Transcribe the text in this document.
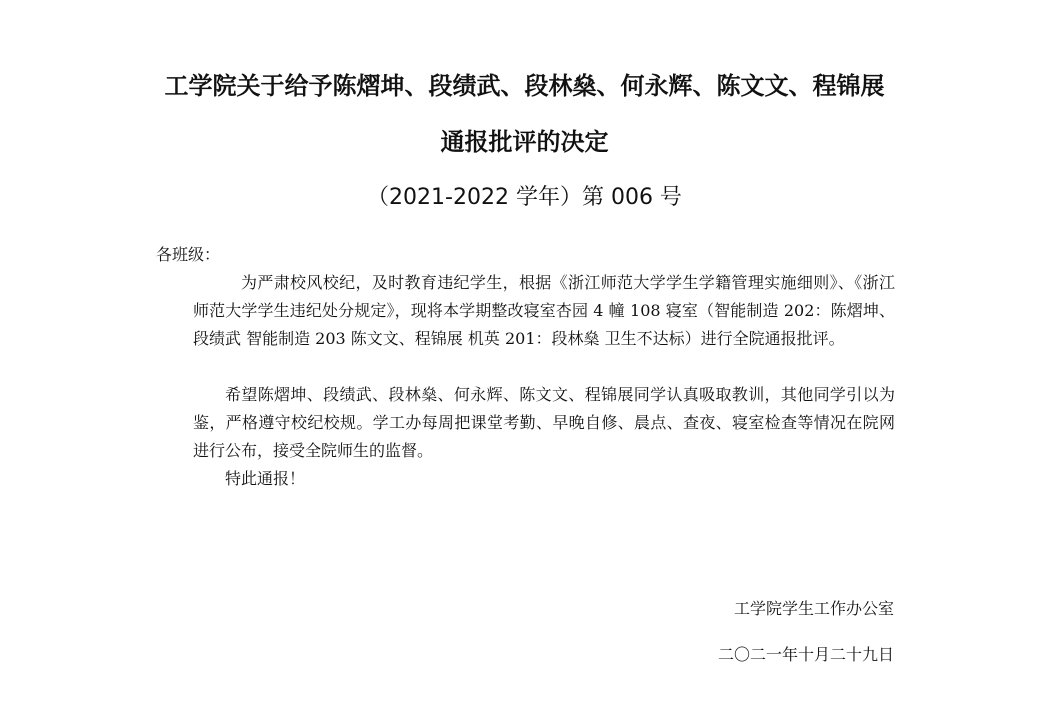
工学院关于给予陈熠坤、段绩武、段林燊、何永辉、陈文文、程锦展
通报批评的决定
（2021-2022 学年）第 006 号
各班级：

为严肃校风校纪，及时教育违纪学生，根据《浙江师范大学学生学籍管理实施细则》、《浙江师范大学学生违纪处分规定》，现将本学期整改寝室杏园 4 幢 108 寝室（智能制造 202：陈熠坤、段绩武 智能制造 203 陈文文、程锦展 机英 201：段林燊 卫生不达标）进行全院通报批评。

希望陈熠坤、段绩武、段林燊、何永辉、陈文文、程锦展同学认真吸取教训，其他同学引以为鉴，严格遵守校纪校规。学工办每周把课堂考勤、早晚自修、晨点、查夜、寝室检查等情况在院网进行公布，接受全院师生的监督。

特此通报！

工学院学生工作办公室
二〇二一年十月二十九日
